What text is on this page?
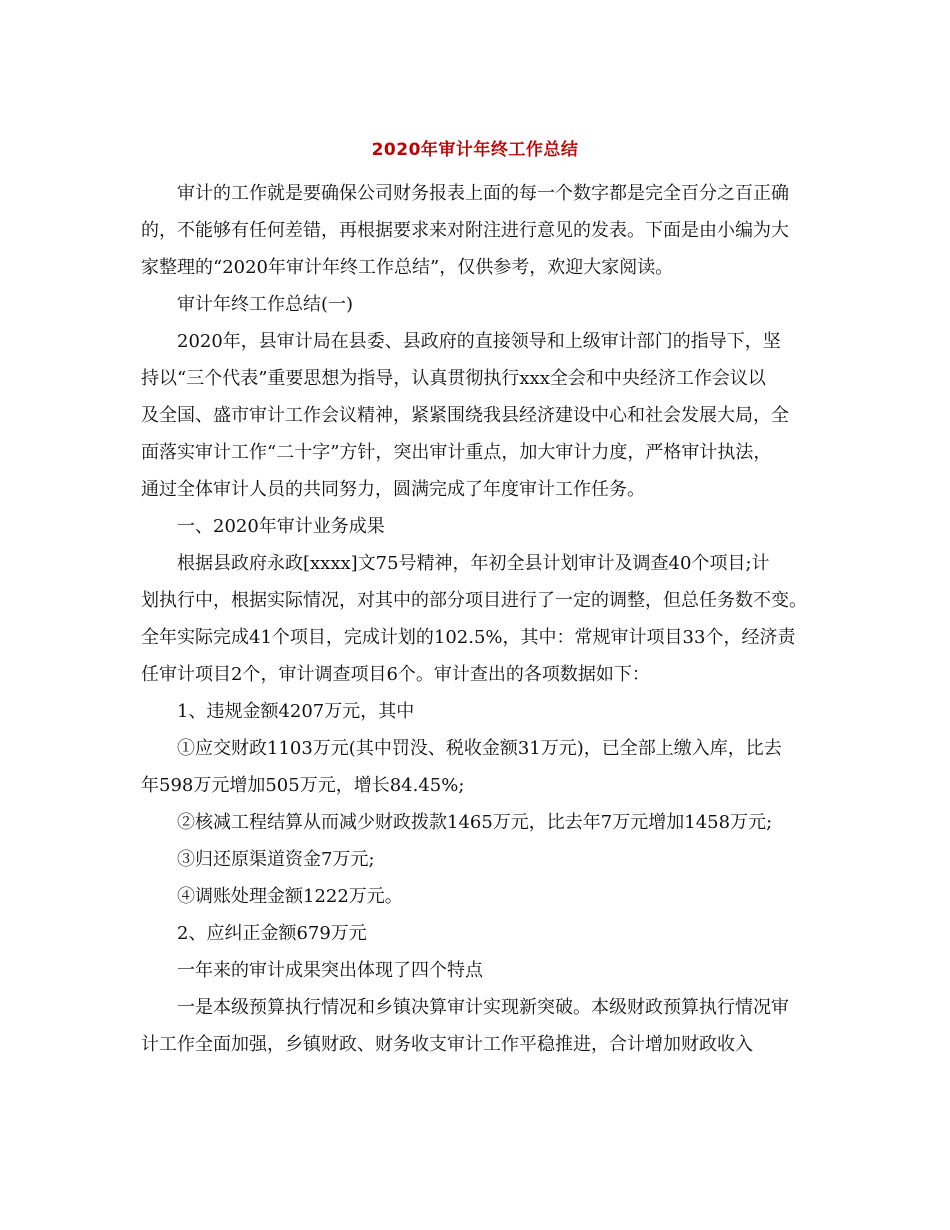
2020年审计年终工作总结
审计的工作就是要确保公司财务报表上面的每一个数字都是完全百分之百正确
的，不能够有任何差错，再根据要求来对附注进行意见的发表。下面是由小编为大
家整理的“2020年审计年终工作总结”，仅供参考，欢迎大家阅读。
审计年终工作总结(一)
2020年，县审计局在县委、县政府的直接领导和上级审计部门的指导下，坚
持以“三个代表”重要思想为指导，认真贯彻执行xxx全会和中央经济工作会议以
及全国、盛市审计工作会议精神，紧紧围绕我县经济建设中心和社会发展大局，全
面落实审计工作“二十字”方针，突出审计重点，加大审计力度，严格审计执法，
通过全体审计人员的共同努力，圆满完成了年度审计工作任务。
一、2020年审计业务成果
根据县政府永政[xxxx]文75号精神，年初全县计划审计及调查40个项目;计
划执行中，根据实际情况，对其中的部分项目进行了一定的调整，但总任务数不变。
全年实际完成41个项目，完成计划的102.5%，其中：常规审计项目33个，经济责
任审计项目2个，审计调查项目6个。审计查出的各项数据如下：
1、违规金额4207万元，其中
①应交财政1103万元(其中罚没、税收金额31万元)，已全部上缴入库，比去
年598万元增加505万元，增长84.45%;
②核减工程结算从而减少财政拨款1465万元，比去年7万元增加1458万元;
③归还原渠道资金7万元;
④调账处理金额1222万元。
2、应纠正金额679万元
一年来的审计成果突出体现了四个特点
一是本级预算执行情况和乡镇决算审计实现新突破。本级财政预算执行情况审
计工作全面加强，乡镇财政、财务收支审计工作平稳推进，合计增加财政收入
